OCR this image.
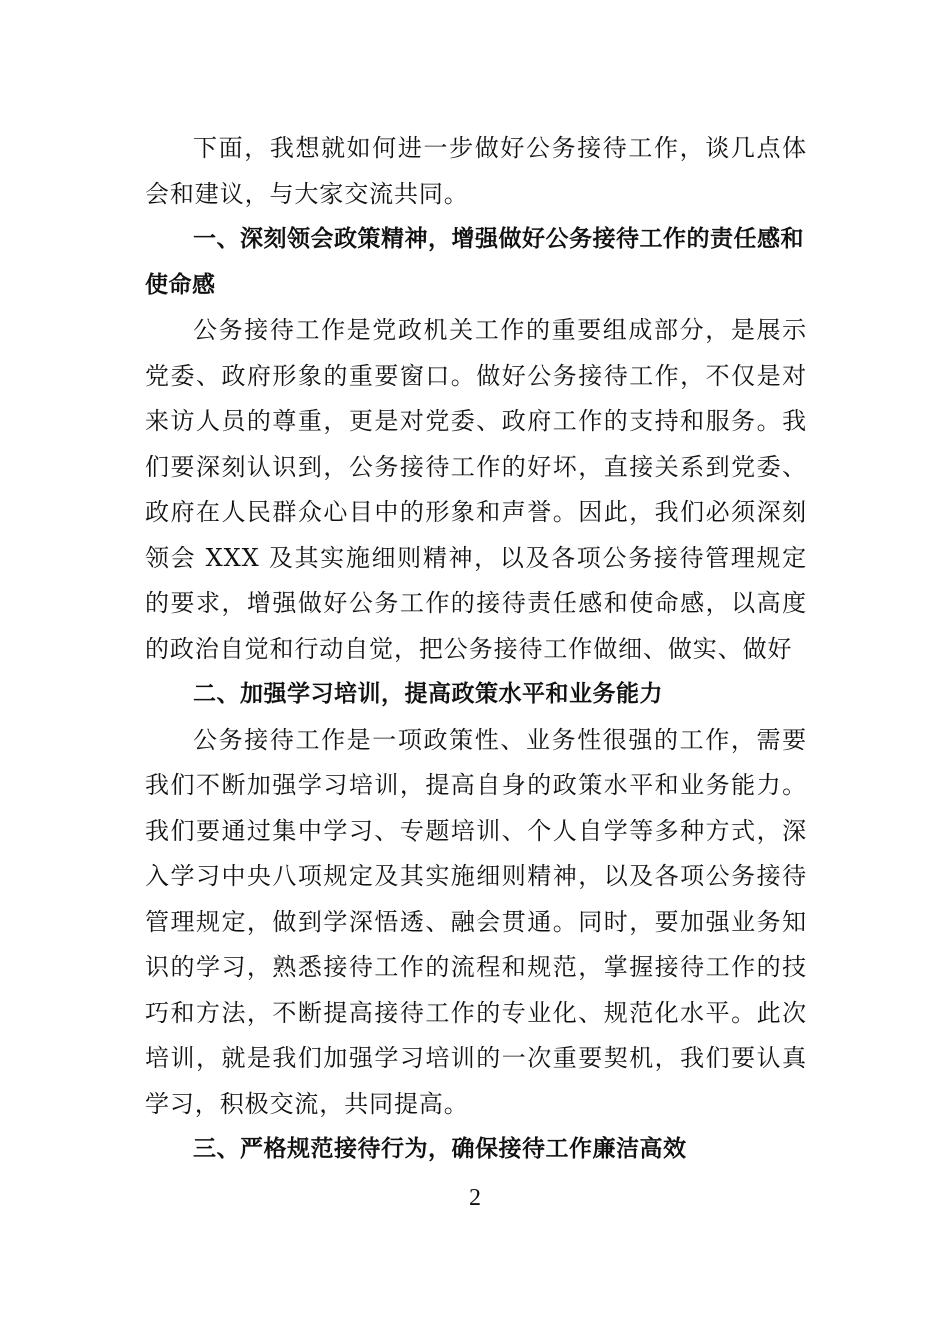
下面，我想就如何进一步做好公务接待工作，谈几点体会和建议，与大家交流共同。

一、深刻领会政策精神，增强做好公务接待工作的责任感和使命感

公务接待工作是党政机关工作的重要组成部分，是展示党委、政府形象的重要窗口。做好公务接待工作，不仅是对来访人员的尊重，更是对党委、政府工作的支持和服务。我们要深刻认识到，公务接待工作的好坏，直接关系到党委、政府在人民群众心目中的形象和声誉。因此，我们必须深刻领会 XXX 及其实施细则精神，以及各项公务接待管理规定的要求，增强做好公务工作的接待责任感和使命感，以高度的政治自觉和行动自觉，把公务接待工作做细、做实、做好

二、加强学习培训，提高政策水平和业务能力

公务接待工作是一项政策性、业务性很强的工作，需要我们不断加强学习培训，提高自身的政策水平和业务能力。我们要通过集中学习、专题培训、个人自学等多种方式，深入学习中央八项规定及其实施细则精神，以及各项公务接待管理规定，做到学深悟透、融会贯通。同时，要加强业务知识的学习，熟悉接待工作的流程和规范，掌握接待工作的技巧和方法，不断提高接待工作的专业化、规范化水平。此次培训，就是我们加强学习培训的一次重要契机，我们要认真学习，积极交流，共同提高。

三、严格规范接待行为，确保接待工作廉洁高效

2
